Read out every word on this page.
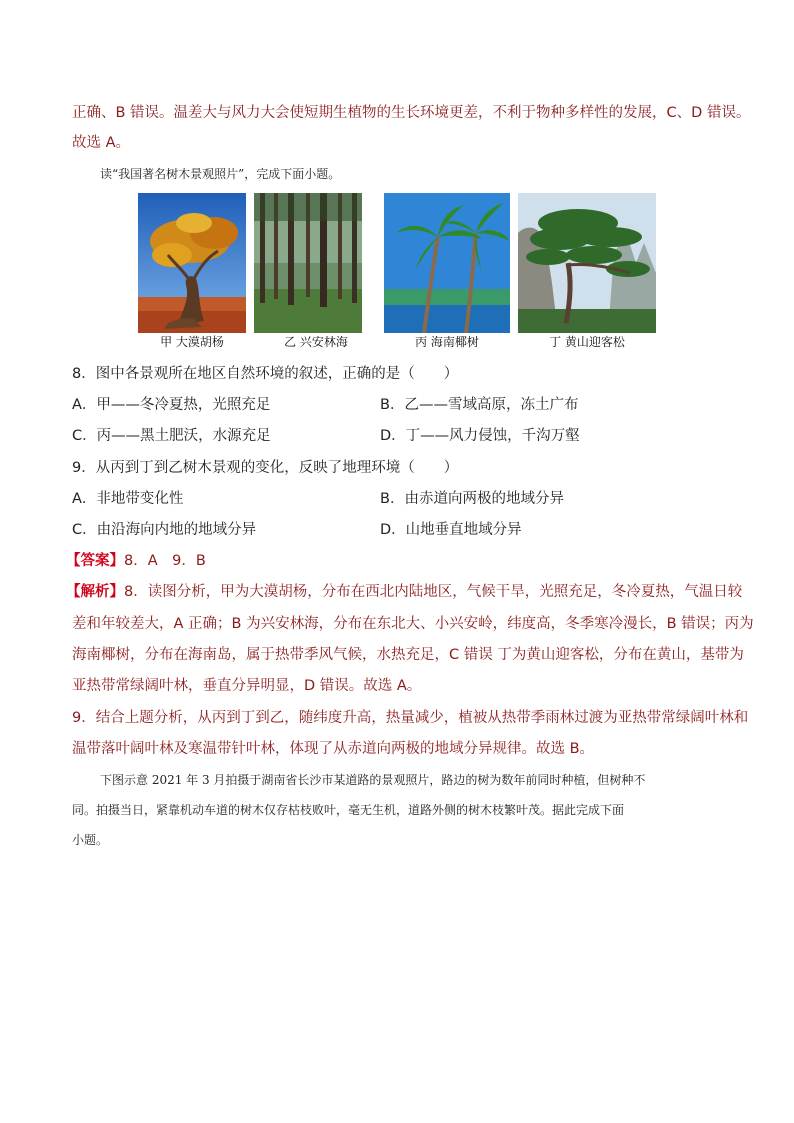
正确、B 错误。温差大与风力大会使短期生植物的生长环境更差，不利于物种多样性的发展，C、D 错误。
故选 A。
读“我国著名树木景观照片”，完成下面小题。
甲 大漠胡杨	乙 兴安林海	丙 海南椰树	丁 黄山迎客松
8．图中各景观所在地区自然环境的叙述，正确的是（　　）
A．甲——冬冷夏热，光照充足	B．乙——雪域高原，冻土广布
C．丙——黑土肥沃，水源充足	D．丁——风力侵蚀，千沟万壑
9．从丙到丁到乙树木景观的变化，反映了地理环境（　　）
A．非地带变化性	B．由赤道向两极的地域分异
C．由沿海向内地的地域分异	D．山地垂直地域分异
【答案】8．A　9．B
【解析】8．读图分析，甲为大漠胡杨，分布在西北内陆地区，气候干旱，光照充足，冬冷夏热，气温日较
差和年较差大，A 正确；B 为兴安林海，分布在东北大、小兴安岭，纬度高，冬季寒冷漫长，B 错误；丙为
海南椰树，分布在海南岛，属于热带季风气候，水热充足，C 错误 丁为黄山迎客松，分布在黄山，基带为
亚热带常绿阔叶林，垂直分异明显，D 错误。故选 A。
9．结合上题分析，从丙到丁到乙，随纬度升高，热量减少，植被从热带季雨林过渡为亚热带常绿阔叶林和
温带落叶阔叶林及寒温带针叶林，体现了从赤道向两极的地域分异规律。故选 B。
下图示意 2021 年 3 月拍摄于湖南省长沙市某道路的景观照片，路边的树为数年前同时种植，但树种不
同。拍摄当日，紧靠机动车道的树木仅存枯枝败叶，毫无生机，道路外侧的树木枝繁叶茂。据此完成下面
小题。
